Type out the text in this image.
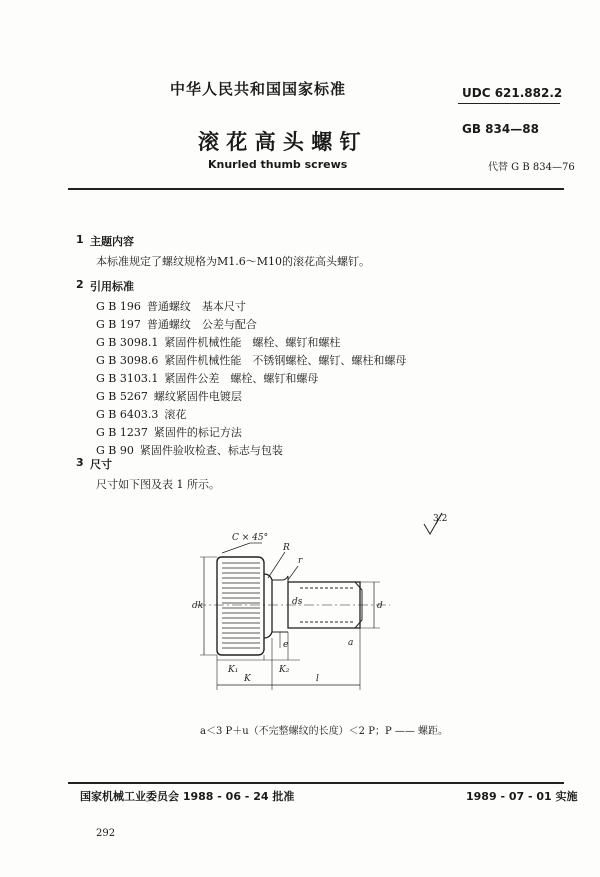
中华人民共和国国家标准	UDC 621.882.2
滚 花 高 头 螺 钉
GB 834—88
Knurled thumb screws	代替 G B 834—76
1 主题内容
本标准规定了螺纹规格为M1.6～M10的滚花高头螺钉。
2 引用标准
G B 196 普通螺纹　基本尺寸
G B 197 普通螺纹　公差与配合
G B 3098.1 紧固件机械性能　螺栓、螺钉和螺柱
G B 3098.6 紧固件机械性能　不锈钢螺栓、螺钉、螺柱和螺母
G B 3103.1 紧固件公差　螺栓、螺钉和螺母
G B 5267 螺纹紧固件电镀层
G B 6403.3 滚花
G B 1237 紧固件的标记方法
G B 90 紧固件验收检查、标志与包装
3 尺寸
尺寸如下图及表 1 所示。
3.2
C × 45°
R
r
dk	ds	d
a
e
K₁	K₂
K	l
a＜3 P＋u（不完整螺纹的长度）＜2 P；P —— 螺距。
国家机械工业委员会 1988 - 06 - 24 批准	1989 - 07 - 01 实施
292
